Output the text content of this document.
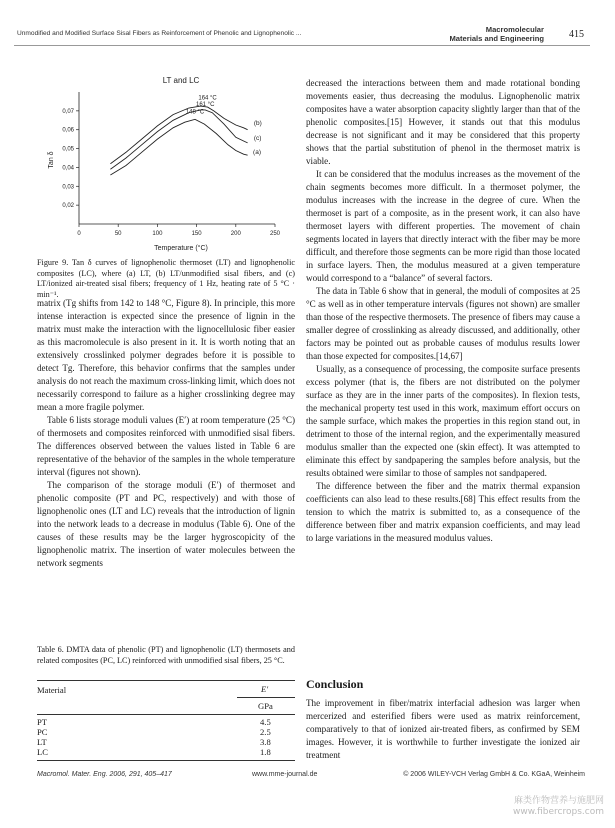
Unmodified and Modified Surface Sisal Fibers as Reinforcement of Phenolic and Lignophenolic ...	Macromolecular
Materials and Engineering	415
LT and LC
Tan δ
Temperature (°C)
0	50	100	150	200	250
0,02
0,03
0,04
0,05
0,06
0,07
164 °C
161 °C
148 °C
(b)
(c)
(a)
Figure 9. Tan δ curves of lignophenolic thermoset (LT) and lignophenolic composites (LC), where (a) LT, (b) LT/unmodified sisal fibers, and (c) LT/ionized air-treated sisal fibers; frequency of 1 Hz, heating rate of 5 °C · min⁻¹.

matrix (Tg shifts from 142 to 148 °C, Figure 8). In principle, this more intense interaction is expected since the presence of lignin in the matrix must make the interaction with the lignocellulosic fiber easier as this macromolecule is also present in it. It is worth noting that an extensively crosslinked polymer degrades before it is possible to detect Tg. Therefore, this behavior confirms that the samples under analysis do not reach the maximum cross-linking limit, which does not necessarily correspond to failure as a higher crosslinking degree may mean a more fragile polymer.

Table 6 lists storage moduli values (E′) at room temperature (25 °C) of thermosets and composites reinforced with unmodified sisal fibers. The differences observed between the values listed in Table 6 are representative of the behavior of the samples in the whole temperature interval (figures not shown).

The comparison of the storage moduli (E′) of thermoset and phenolic composite (PT and PC, respectively) and with those of lignophenolic ones (LT and LC) reveals that the introduction of lignin into the network leads to a decrease in modulus (Table 6). One of the causes of these results may be the larger hygroscopicity of the lignophenolic matrix. The insertion of water molecules between the network segments

Table 6. DMTA data of phenolic (PT) and lignophenolic (LT) thermosets and related composites (PC, LC) reinforced with unmodified sisal fibers, 25 °C.
Material	E′
GPa
PT	4.5
PC	2.5
LT	3.8
LC	1.8

decreased the interactions between them and made rotational bonding movements easier, thus decreasing the modulus. Lignophenolic matrix composites have a water absorption capacity slightly larger than that of the phenolic composites.[15] However, it stands out that this modulus decrease is not significant and it may be considered that this property shows that the partial substitution of phenol in the thermoset matrix is viable.

It can be considered that the modulus increases as the movement of the chain segments becomes more difficult. In a thermoset polymer, the modulus increases with the increase in the degree of cure. When the thermoset is part of a composite, as in the present work, it can also have thermoset layers with different properties. The movement of chain segments located in layers that directly interact with the fiber may be more difficult, and therefore those segments can be more rigid than those located in surface layers. Then, the modulus measured at a given temperature would correspond to a “balance” of several factors.

The data in Table 6 show that in general, the moduli of composites at 25 °C as well as in other temperature intervals (figures not shown) are smaller than those of the respective thermosets. The presence of fibers may cause a smaller degree of crosslinking as already discussed, and additionally, other factors may be pointed out as probable causes of modulus results lower than those expected for composites.[14,67]

Usually, as a consequence of processing, the composite surface presents excess polymer (that is, the fibers are not distributed on the polymer surface as they are in the inner parts of the composites). In flexion tests, the mechanical property test used in this work, maximum effort occurs on the sample surface, which makes the properties in this region stand out, in detriment to those of the internal region, and the experimentally measured modulus smaller than the expected one (skin effect). It was attempted to eliminate this effect by sandpapering the samples before analysis, but the results obtained were similar to those of samples not sandpapered.

The difference between the fiber and the matrix thermal expansion coefficients can also lead to these results.[68] This effect results from the tension to which the matrix is submitted to, as a consequence of the difference between fiber and matrix expansion coefficients, and may lead to large variations in the measured modulus values.

Conclusion

The improvement in fiber/matrix interfacial adhesion was larger when mercerized and esterified fibers were used as matrix reinforcement, comparatively to that of ionized air-treated fibers, as confirmed by SEM images. However, it is worthwhile to further investigate the ionized air treatment

Macromol. Mater. Eng. 2006, 291, 405–417	www.mme-journal.de	© 2006 WILEY-VCH Verlag GmbH & Co. KGaA, Weinheim
麻类作物营养与施肥网
www.fibercrops.com
